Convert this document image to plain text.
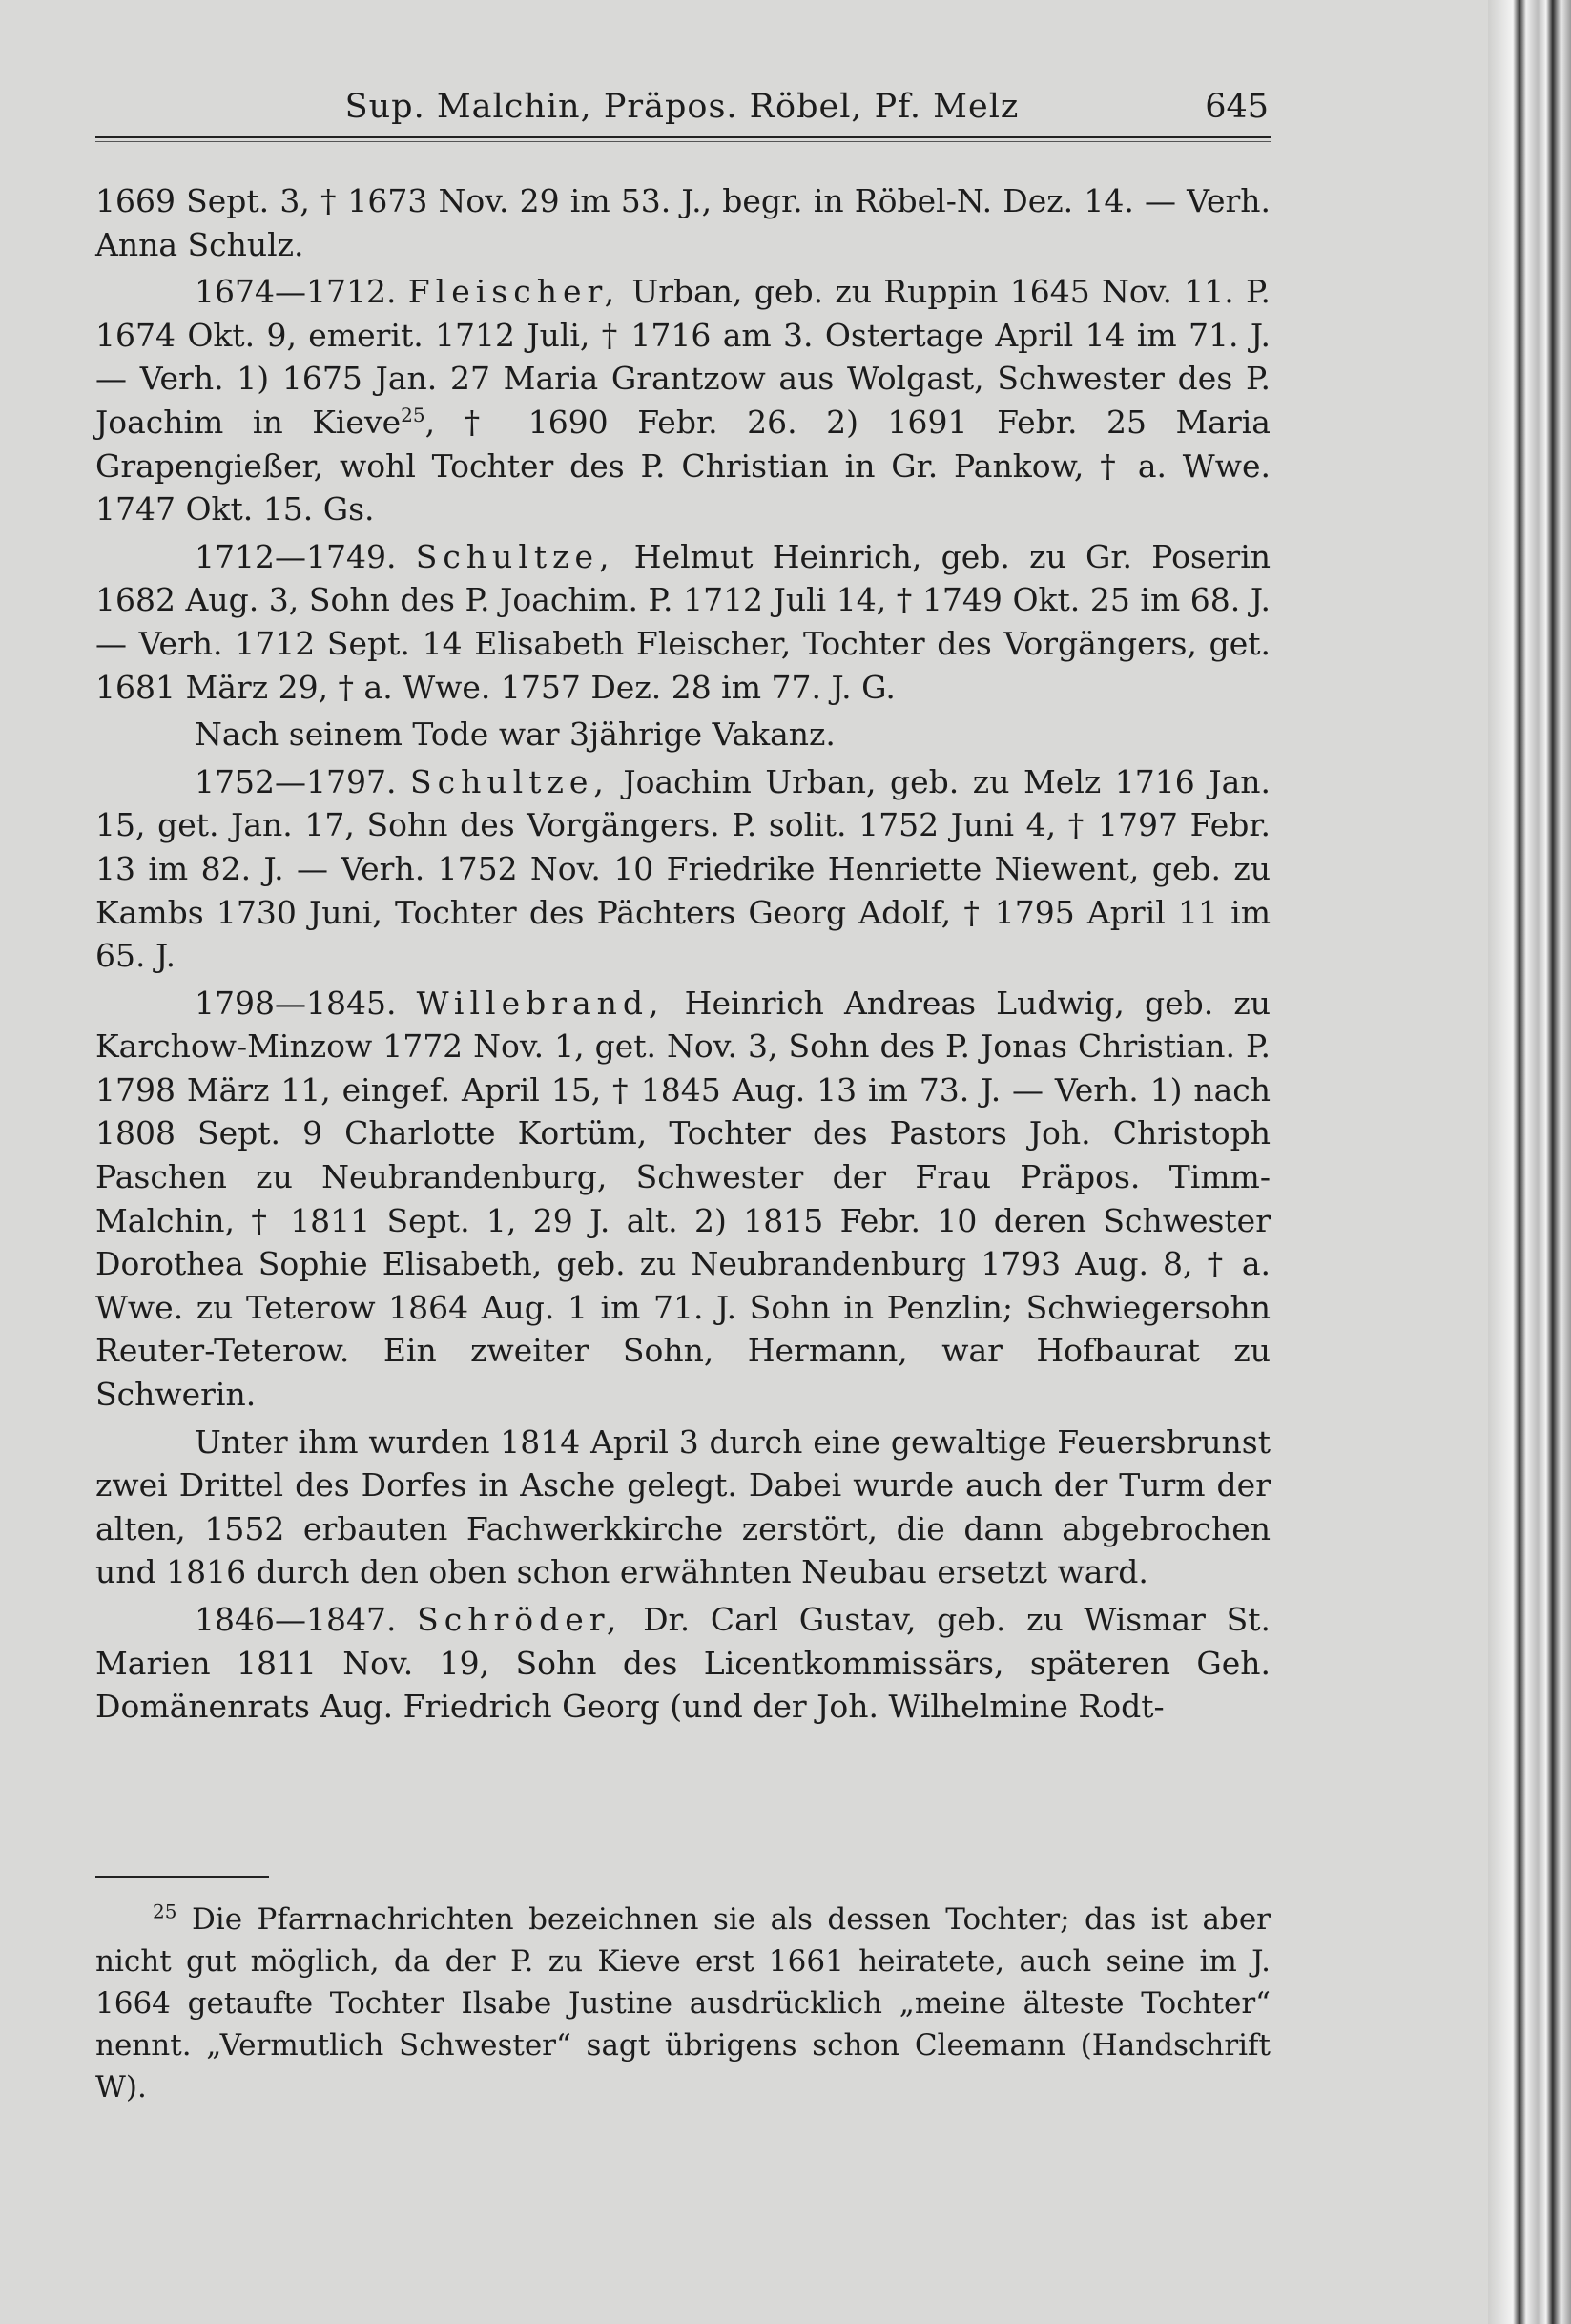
Sup. Malchin, Präpos. Röbel, Pf. Melz	645

1669 Sept. 3, † 1673 Nov. 29 im 53. J., begr. in Röbel-N. Dez. 14. — Verh. Anna Schulz.

1674—1712. Fleischer, Urban, geb. zu Ruppin 1645 Nov. 11. P. 1674 Okt. 9, emerit. 1712 Juli, † 1716 am 3. Ostertage April 14 im 71. J. — Verh. 1) 1675 Jan. 27 Maria Grantzow aus Wolgast, Schwester des P. Joachim in Kieve$^{25}$, † 1690 Febr. 26. 2) 1691 Febr. 25 Maria Grapengießer, wohl Tochter des P. Christian in Gr. Pankow, † a. Wwe. 1747 Okt. 15. Gs.

1712—1749. Schultze, Helmut Heinrich, geb. zu Gr. Poserin 1682 Aug. 3, Sohn des P. Joachim. P. 1712 Juli 14, † 1749 Okt. 25 im 68. J. — Verh. 1712 Sept. 14 Elisabeth Fleischer, Tochter des Vorgängers, get. 1681 März 29, † a. Wwe. 1757 Dez. 28 im 77. J. G.

Nach seinem Tode war 3jährige Vakanz.

1752—1797. Schultze, Joachim Urban, geb. zu Melz 1716 Jan. 15, get. Jan. 17, Sohn des Vorgängers. P. solit. 1752 Juni 4, † 1797 Febr. 13 im 82. J. — Verh. 1752 Nov. 10 Friedrike Henriette Niewent, geb. zu Kambs 1730 Juni, Tochter des Pächters Georg Adolf, † 1795 April 11 im 65. J.

1798—1845. Willebrand, Heinrich Andreas Ludwig, geb. zu Karchow-Minzow 1772 Nov. 1, get. Nov. 3, Sohn des P. Jonas Christian. P. 1798 März 11, eingef. April 15, † 1845 Aug. 13 im 73. J. — Verh. 1) nach 1808 Sept. 9 Charlotte Kortüm, Tochter des Pastors Joh. Christoph Paschen zu Neubrandenburg, Schwester der Frau Präpos. Timm-Malchin, † 1811 Sept. 1, 29 J. alt. 2) 1815 Febr. 10 deren Schwester Dorothea Sophie Elisabeth, geb. zu Neubrandenburg 1793 Aug. 8, † a. Wwe. zu Teterow 1864 Aug. 1 im 71. J. Sohn in Penzlin; Schwiegersohn Reuter-Teterow. Ein zweiter Sohn, Hermann, war Hofbaurat zu Schwerin.

Unter ihm wurden 1814 April 3 durch eine gewaltige Feuersbrunst zwei Drittel des Dorfes in Asche gelegt. Dabei wurde auch der Turm der alten, 1552 erbauten Fachwerkkirche zerstört, die dann abgebrochen und 1816 durch den oben schon erwähnten Neubau ersetzt ward.

1846—1847. Schröder, Dr. Carl Gustav, geb. zu Wismar St. Marien 1811 Nov. 19, Sohn des Licentkommissärs, späteren Geh. Domänenrats Aug. Friedrich Georg (und der Joh. Wilhelmine Rodt-

$^{25}$ Die Pfarrnachrichten bezeichnen sie als dessen Tochter; das ist aber nicht gut möglich, da der P. zu Kieve erst 1661 heiratete, auch seine im J. 1664 getaufte Tochter Ilsabe Justine ausdrücklich „meine älteste Tochter“ nennt. „Vermutlich Schwester“ sagt übrigens schon Cleemann (Handschrift W).
